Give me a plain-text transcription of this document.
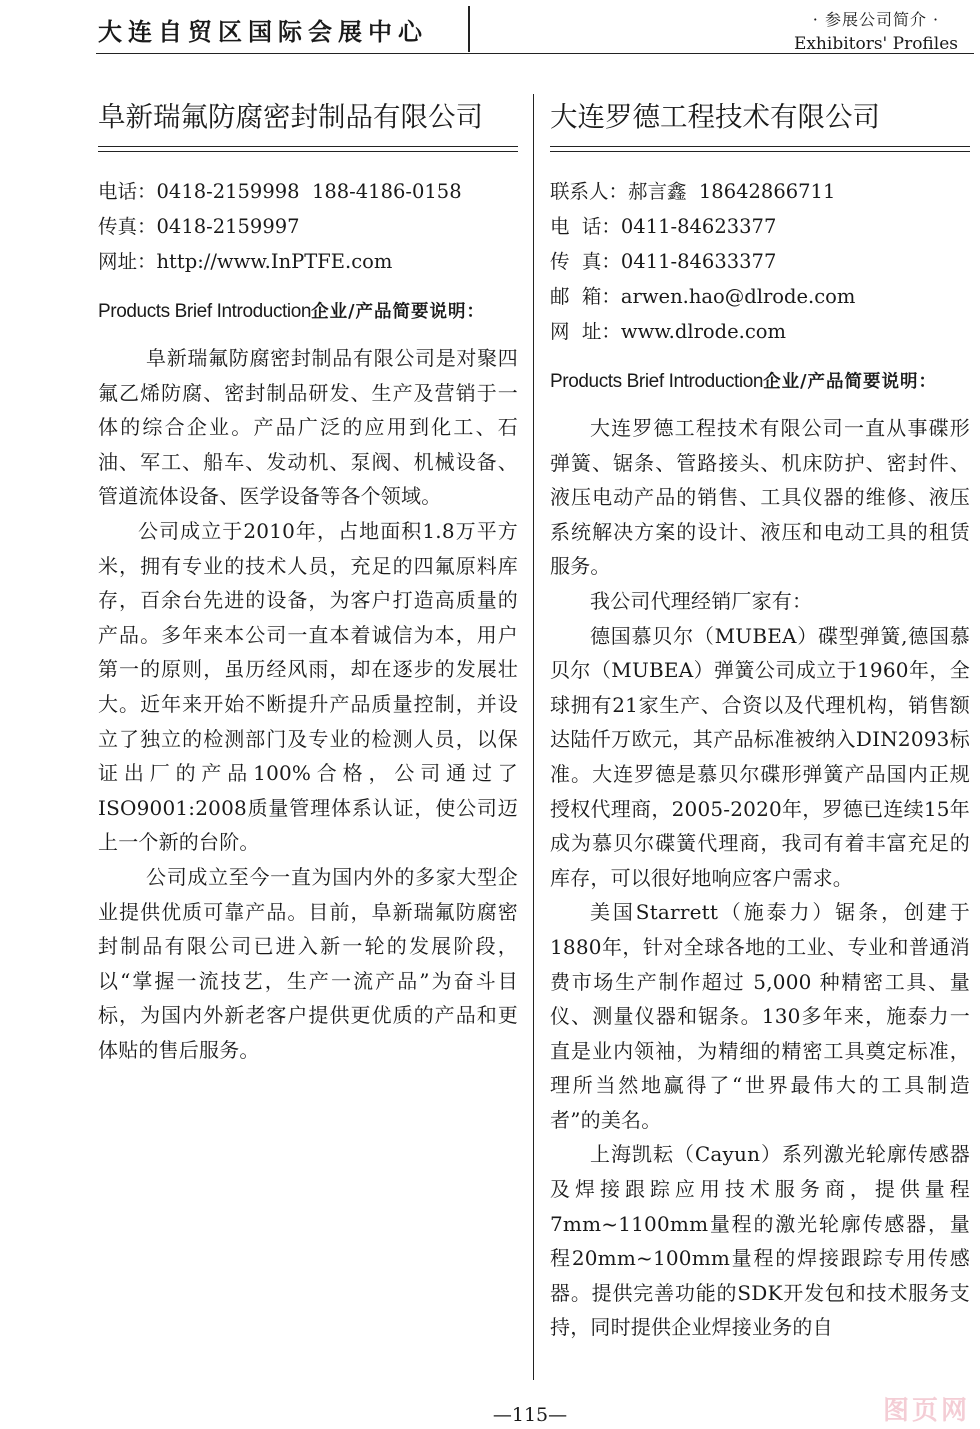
大连自贸区国际会展中心	· 参展公司简介 ·
Exhibitors' Profiles
阜新瑞氟防腐密封制品有限公司
电话：0418-2159998  188-4186-0158
传真：0418-2159997
网址：http://www.InPTFE.com
Products Brief Introduction企业/产品简要说明：

阜新瑞氟防腐密封制品有限公司是对聚四氟乙烯防腐、密封制品研发、生产及营销于一体的综合企业。产品广泛的应用到化工、石油、军工、船车、发动机、泵阀、机械设备、管道流体设备、医学设备等各个领域。

公司成立于2010年，占地面积1.8万平方米，拥有专业的技术人员，充足的四氟原料库存，百余台先进的设备，为客户打造高质量的产品。多年来本公司一直本着诚信为本，用户第一的原则，虽历经风雨，却在逐步的发展壮大。近年来开始不断提升产品质量控制，并设立了独立的检测部门及专业的检测人员，以保证出厂的产品100%合格，公司通过了ISO9001:2008质量管理体系认证，使公司迈上一个新的台阶。

公司成立至今一直为国内外的多家大型企业提供优质可靠产品。目前，阜新瑞氟防腐密封制品有限公司已进入新一轮的发展阶段，以“掌握一流技艺，生产一流产品”为奋斗目标，为国内外新老客户提供更优质的产品和更体贴的售后服务。

大连罗德工程技术有限公司
联系人：郝言鑫  18642866711
电  话：0411-84623377
传  真：0411-84633377
邮  箱：arwen.hao@dlrode.com
网  址：www.dlrode.com
Products Brief Introduction企业/产品简要说明：

大连罗德工程技术有限公司一直从事碟形弹簧、锯条、管路接头、机床防护、密封件、液压电动产品的销售、工具仪器的维修、液压系统解决方案的设计、液压和电动工具的租赁服务。

我公司代理经销厂家有：

德国慕贝尔（MUBEA）碟型弹簧,德国慕贝尔（MUBEA）弹簧公司成立于1960年，全球拥有21家生产、合资以及代理机构，销售额达陆仟万欧元，其产品标准被纳入DIN2093标准。大连罗德是慕贝尔碟形弹簧产品国内正规授权代理商，2005-2020年，罗德已连续15年成为慕贝尔碟簧代理商，我司有着丰富充足的库存，可以很好地响应客户需求。

美国Starrett（施泰力）锯条，创建于1880年，针对全球各地的工业、专业和普通消费市场生产制作超过 5,000 种精密工具、量仪、测量仪器和锯条。130多年来，施泰力一直是业内领袖，为精细的精密工具奠定标准，理所当然地赢得了“世界最伟大的工具制造者”的美名。

上海凯耘（Cayun）系列激光轮廓传感器及焊接跟踪应用技术服务商，提供量程7mm~1100mm量程的激光轮廓传感器，量程20mm~100mm量程的焊接跟踪专用传感器。提供完善功能的SDK开发包和技术服务支持，同时提供企业焊接业务的自

—115—	图页网
